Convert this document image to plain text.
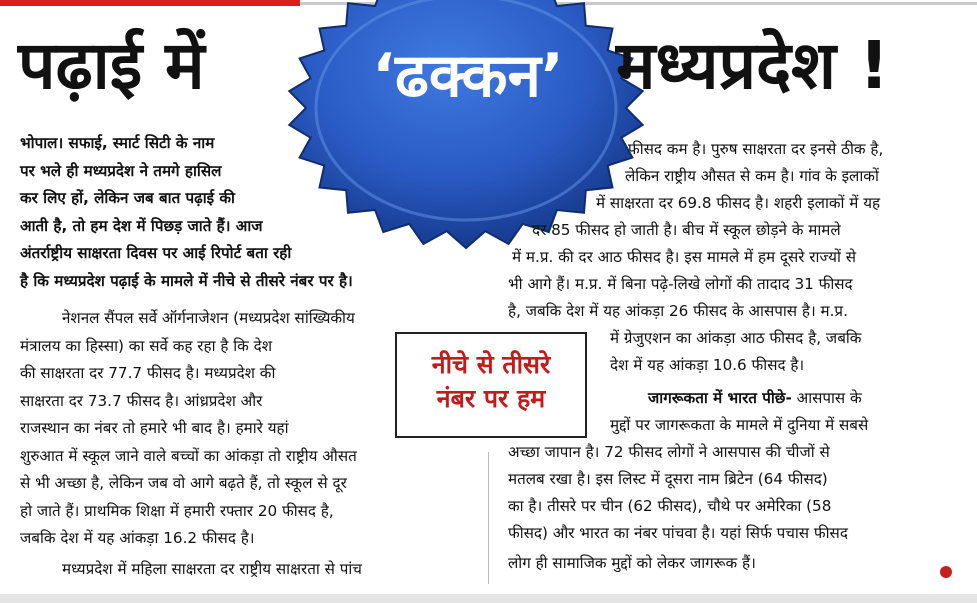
पढ़ाई में	‘ढक्कन’ मध्यप्रदेश !

भोपाल। सफाई, स्मार्ट सिटी के नाम

पर भले ही मध्यप्रदेश ने तमगे हासिल

कर लिए हों, लेकिन जब बात पढ़ाई की

आती है, तो हम देश में पिछड़ जाते हैं। आज

अंतर्राष्ट्रीय साक्षरता दिवस पर आई रिपोर्ट बता रही

है कि मध्यप्रदेश पढ़ाई के मामले में नीचे से तीसरे नंबर पर है।

नेशनल सैंपल सर्वे ऑर्गनाजेशन (मध्यप्रदेश सांख्यिकीय

मंत्रालय का हिस्सा) का सर्वे कह रहा है कि देश

की साक्षरता दर 77.7 फीसद है। मध्यप्रदेश की

साक्षरता दर 73.7 फीसद है। आंध्रप्रदेश और

राजस्थान का नंबर तो हमारे भी बाद है। हमारे यहां

शुरुआत में स्कूल जाने वाले बच्चों का आंकड़ा तो राष्ट्रीय औसत

से भी अच्छा है, लेकिन जब वो आगे बढ़ते हैं, तो स्कूल से दूर

हो जाते हैं। प्राथमिक शिक्षा में हमारी रफ्तार 20 फीसद है,

जबकि देश में यह आंकड़ा 16.2 फीसद है।

मध्यप्रदेश में महिला साक्षरता दर राष्ट्रीय साक्षरता से पांच

नीचे से तीसरे
नंबर पर हम

फीसद कम है। पुरुष साक्षरता दर इनसे ठीक है,

लेकिन राष्ट्रीय औसत से कम है। गांव के इलाकों

में साक्षरता दर 69.8 फीसद है। शहरी इलाकों में यह

दर 85 फीसद हो जाती है। बीच में स्कूल छोड़ने के मामले

में म.प्र. की दर आठ फीसद है। इस मामले में हम दूसरे राज्यों से

भी आगे हैं। म.प्र. में बिना पढ़े-लिखे लोगों की तादाद 31 फीसद

है, जबकि देश में यह आंकड़ा 26 फीसद के आसपास है। म.प्र.

में ग्रेजुएशन का आंकड़ा आठ फीसद है, जबकि

देश में यह आंकड़ा 10.6 फीसद है।

जागरूकता में भारत पीछे- आसपास के

मुद्दों पर जागरूकता के मामले में दुनिया में सबसे

अच्छा जापान है। 72 फीसद लोगों ने आसपास की चीजों से

मतलब रखा है। इस लिस्ट में दूसरा नाम ब्रिटेन (64 फीसद)

का है। तीसरे पर चीन (62 फीसद), चौथे पर अमेरिका (58

फीसद) और भारत का नंबर पांचवा है। यहां सिर्फ पचास फीसद

लोग ही सामाजिक मुद्दों को लेकर जागरूक हैं।
